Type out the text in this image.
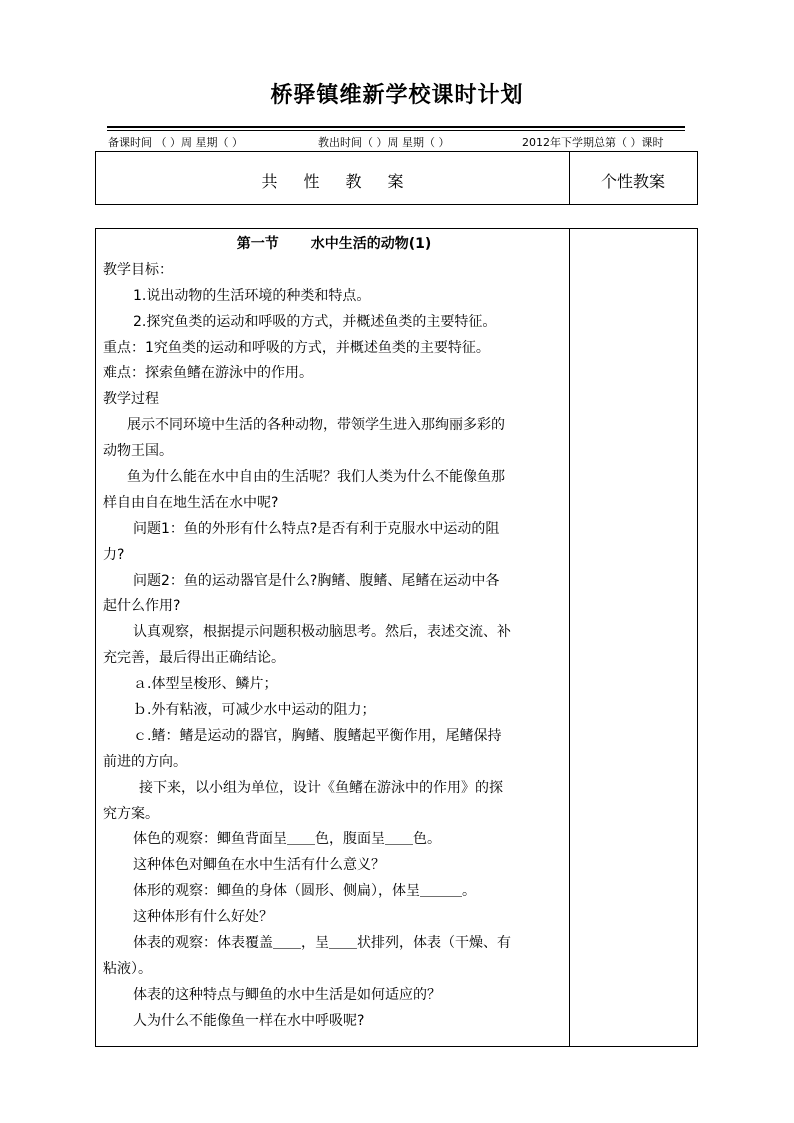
桥驿镇维新学校课时计划
备课时间 （ ）周 星期（ ）	教出时间（ ）周 星期（ ）	2012年下学期总第（ ）课时
共性教案	个性教案
第一节 水中生活的动物(1)
教学目标：
1.说出动物的生活环境的种类和特点。
2.探究鱼类的运动和呼吸的方式，并概述鱼类的主要特征。
重点：1究鱼类的运动和呼吸的方式，并概述鱼类的主要特征。
难点：探索鱼鳍在游泳中的作用。
教学过程
展示不同环境中生活的各种动物，带领学生进入那绚丽多彩的
动物王国。
鱼为什么能在水中自由的生活呢？我们人类为什么不能像鱼那
样自由自在地生活在水中呢?
问题1：鱼的外形有什么特点?是否有利于克服水中运动的阻
力?
问题2：鱼的运动器官是什么?胸鳍、腹鳍、尾鳍在运动中各
起什么作用?
认真观察，根据提示问题积极动脑思考。然后，表述交流、补
充完善，最后得出正确结论。
ａ.体型呈梭形、鳞片；
ｂ.外有粘液，可减少水中运动的阻力；
ｃ.鳍：鳍是运动的器官，胸鳍、腹鳍起平衡作用，尾鳍保持
前进的方向。
接下来，以小组为单位，设计《鱼鳍在游泳中的作用》的探
究方案。
体色的观察：鲫鱼背面呈＿＿色，腹面呈＿＿色。
这种体色对鲫鱼在水中生活有什么意义？
体形的观察：鲫鱼的身体（圆形、侧扁），体呈＿＿＿。
这种体形有什么好处？
体表的观察：体表覆盖＿＿，呈＿＿状排列，体表（干燥、有
粘液）。
体表的这种特点与鲫鱼的水中生活是如何适应的？
人为什么不能像鱼一样在水中呼吸呢?
